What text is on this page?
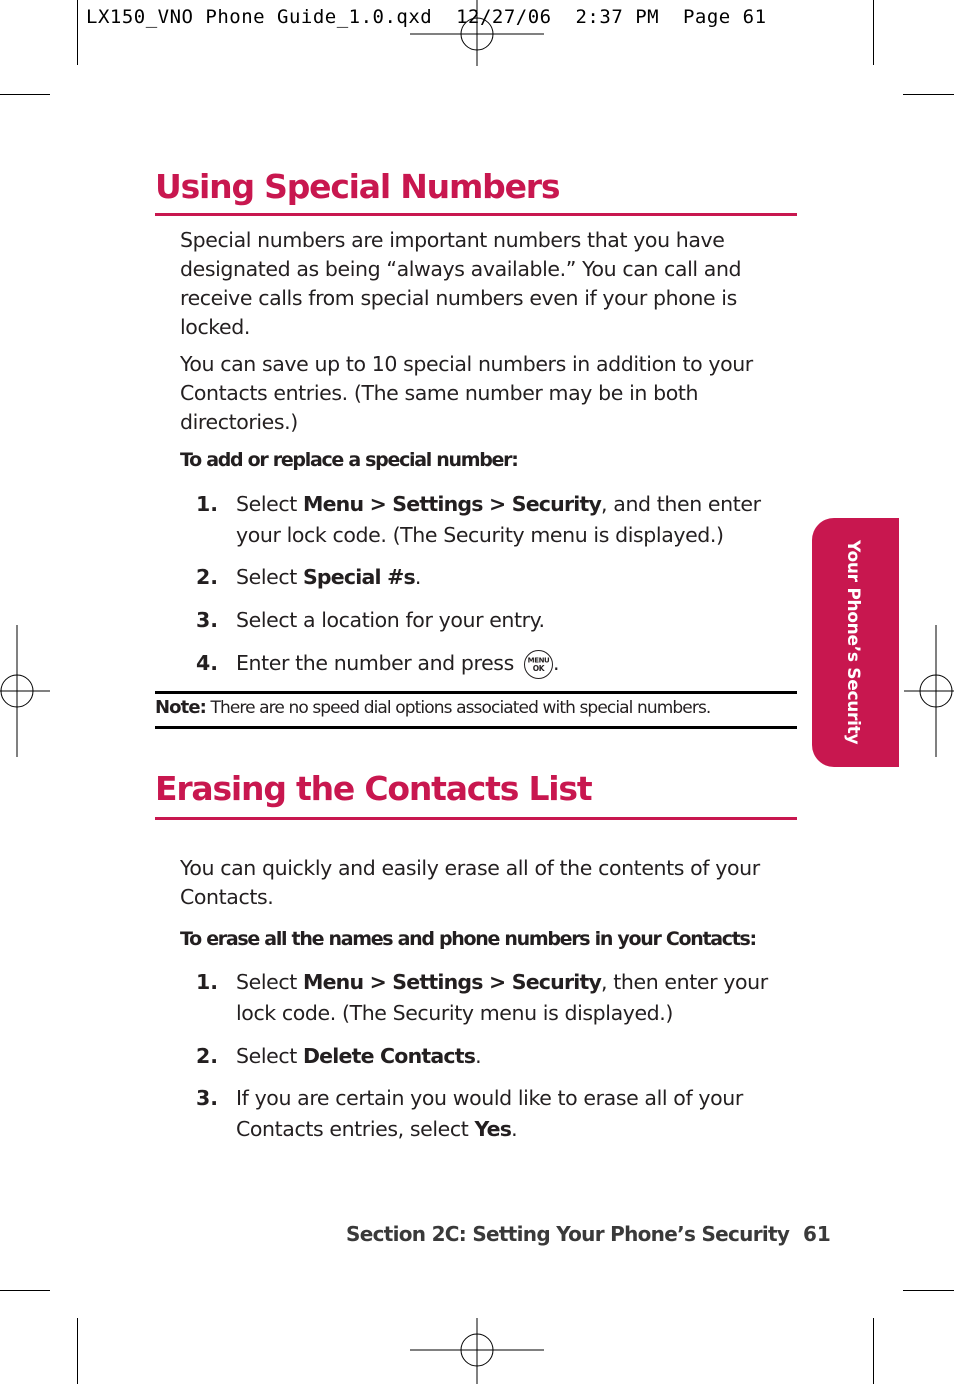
LX150_VNO Phone Guide_1.0.qxd  12/27/06  2:37 PM  Page 61
Using Special Numbers

Special numbers are important numbers that you have designated as being “always available.” You can call and receive calls from special numbers even if your phone is locked.

You can save up to 10 special numbers in addition to your Contacts entries. (The same number may be in both directories.)

To add or replace a special number:

1. Select Menu > Settings > Security, and then enter your lock code. (The Security menu is displayed.)

2. Select Special #s.

3. Select a location for your entry.

4. Enter the number and press MENU
OK .

Note: There are no speed dial options associated with special numbers.

Erasing the Contacts List

You can quickly and easily erase all of the contents of your Contacts.

To erase all the names and phone numbers in your Contacts:

1. Select Menu > Settings > Security, then enter your lock code. (The Security menu is displayed.)

2. Select Delete Contacts.

3. If you are certain you would like to erase all of your Contacts entries, select Yes.

Your Phone’s Security
Section 2C: Setting Your Phone’s Security 61
